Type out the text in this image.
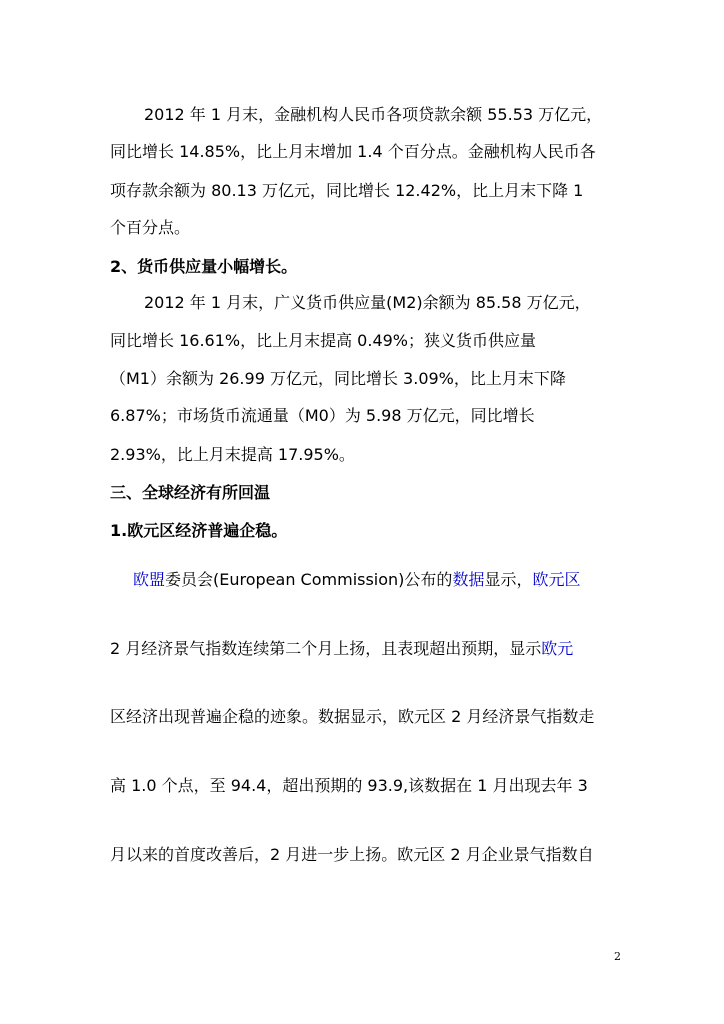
2012 年 1 月末，金融机构人民币各项贷款余额 55.53 万亿元，
同比增长 14.85%，比上月末增加 1.4 个百分点。金融机构人民币各
项存款余额为 80.13 万亿元，同比增长 12.42%，比上月末下降 1
个百分点。
2、货币供应量小幅增长。
2012 年 1 月末，广义货币供应量(M2)余额为 85.58 万亿元，
同比增长 16.61%，比上月末提高 0.49%；狭义货币供应量
（M1）余额为 26.99 万亿元，同比增长 3.09%，比上月末下降
6.87%；市场货币流通量（M0）为 5.98 万亿元，同比增长
2.93%，比上月末提高 17.95%。
三、全球经济有所回温
1.欧元区经济普遍企稳。
欧盟委员会(European Commission)公布的数据显示，欧元区
2 月经济景气指数连续第二个月上扬，且表现超出预期，显示欧元
区经济出现普遍企稳的迹象。数据显示，欧元区 2 月经济景气指数走
高 1.0 个点，至 94.4，超出预期的 93.9,该数据在 1 月出现去年 3
月以来的首度改善后，2 月进一步上扬。欧元区 2 月企业景气指数自
2
